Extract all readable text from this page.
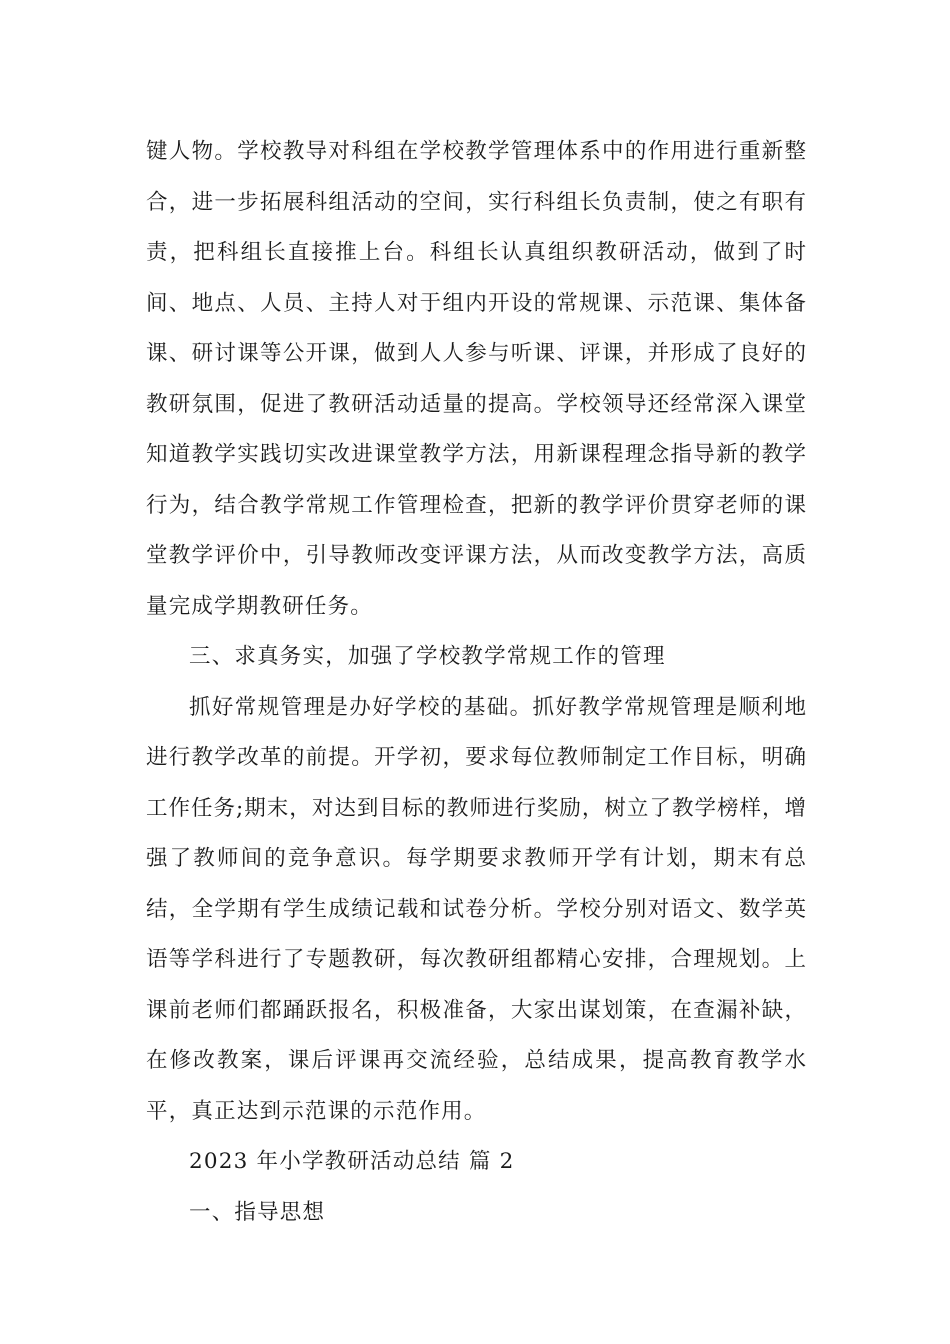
键人物。学校教导对科组在学校教学管理体系中的作用进行重新整
合，进一步拓展科组活动的空间，实行科组长负责制，使之有职有
责，把科组长直接推上台。科组长认真组织教研活动，做到了时
间、地点、人员、主持人对于组内开设的常规课、示范课、集体备
课、研讨课等公开课，做到人人参与听课、评课，并形成了良好的
教研氛围，促进了教研活动适量的提高。学校领导还经常深入课堂
知道教学实践切实改进课堂教学方法，用新课程理念指导新的教学
行为，结合教学常规工作管理检查，把新的教学评价贯穿老师的课
堂教学评价中，引导教师改变评课方法，从而改变教学方法，高质
量完成学期教研任务。
三、求真务实，加强了学校教学常规工作的管理
抓好常规管理是办好学校的基础。抓好教学常规管理是顺利地
进行教学改革的前提。开学初，要求每位教师制定工作目标，明确
工作任务;期末，对达到目标的教师进行奖励，树立了教学榜样，增
强了教师间的竞争意识。每学期要求教师开学有计划，期末有总
结，全学期有学生成绩记载和试卷分析。学校分别对语文、数学英
语等学科进行了专题教研，每次教研组都精心安排，合理规划。上
课前老师们都踊跃报名，积极准备，大家出谋划策，在查漏补缺，
在修改教案，课后评课再交流经验，总结成果，提高教育教学水
平，真正达到示范课的示范作用。
2023 年小学教研活动总结 篇 2
一、指导思想
